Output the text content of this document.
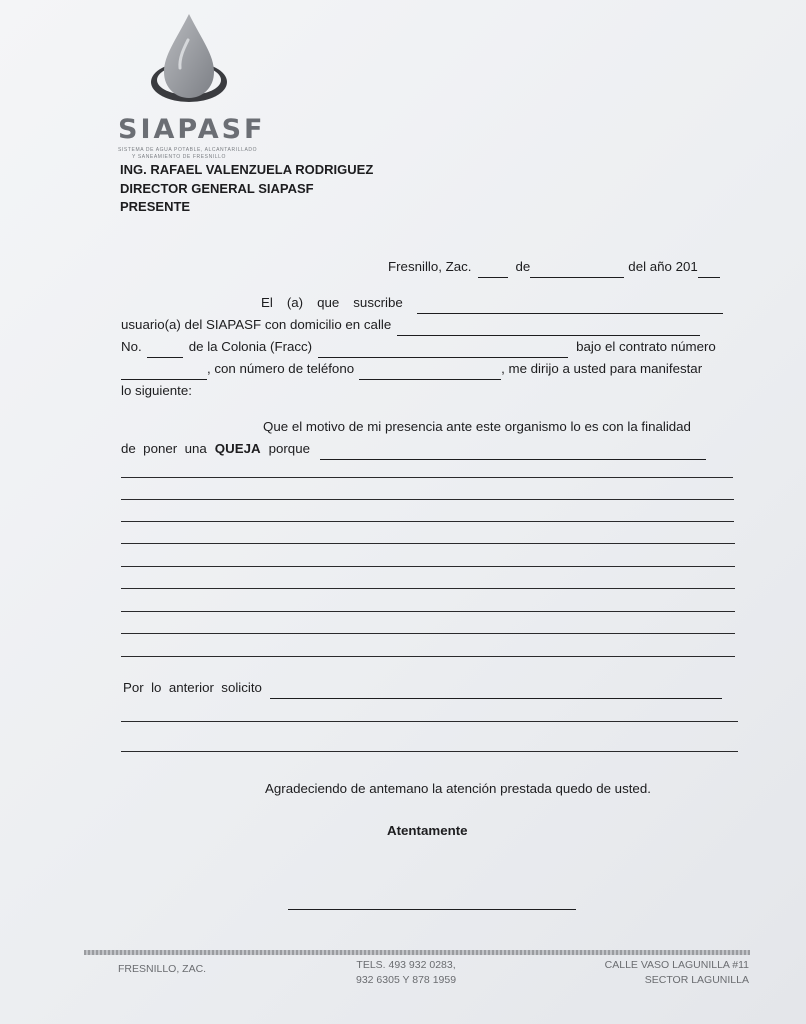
SIAPASF
SISTEMA DE AGUA POTABLE, ALCANTARILLADO
Y SANEAMIENTO DE FRESNILLO
ING. RAFAEL VALENZUELA RODRIGUEZ
DIRECTOR GENERAL SIAPASF
PRESENTE
Fresnillo, Zac.	de	del año 201
El (a) que suscribe
usuario(a) del SIAPASF con domicilio en calle
No.	de la Colonia (Fracc)	bajo el contrato número
, con número de teléfono	, me dirijo a usted para manifestar
lo siguiente:
Que el motivo de mi presencia ante este organismo lo es con la finalidad
de  poner  una QUEJA porque
Por  lo  anterior  solicito
Agradeciendo de antemano la atención prestada quedo de usted.
Atentamente
FRESNILLO, ZAC.	TELS. 493 932 0283,
932 6305 Y 878 1959
CALLE VASO LAGUNILLA #11
SECTOR LAGUNILLA
